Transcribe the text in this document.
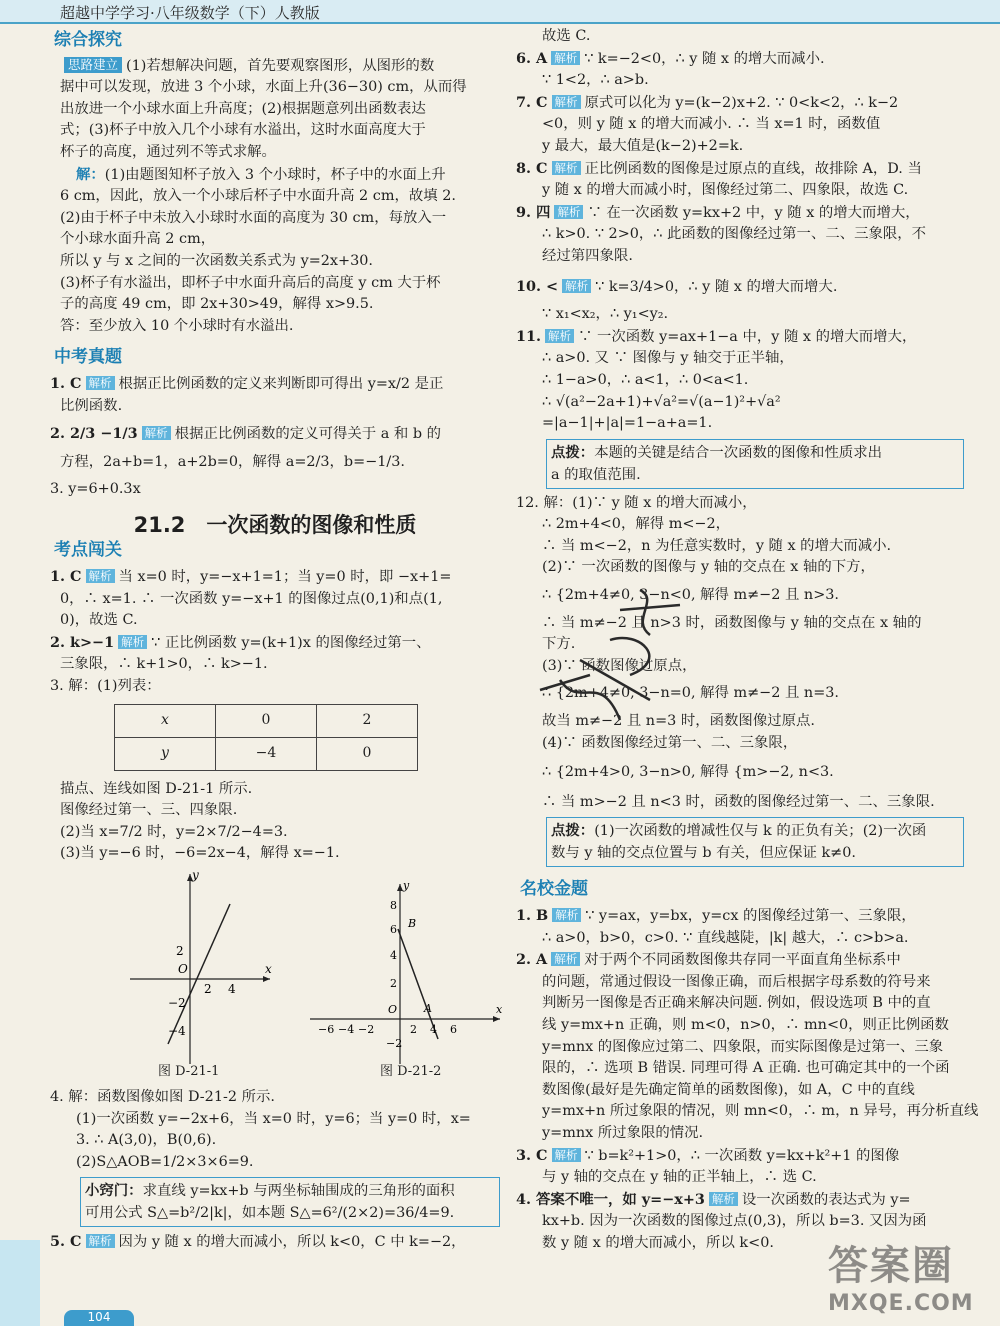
超越中学学习·八年级数学（下）人教版
综合探究
思路建立 (1)若想解决问题，首先要观察图形，从图形的数
据中可以发现，放进 3 个小球，水面上升(36−30) cm，从而得
出放进一个小球水面上升高度；(2)根据题意列出函数表达
式；(3)杯子中放入几个小球有水溢出，这时水面高度大于
杯子的高度，通过列不等式求解。
解：(1)由题图知杯子放入 3 个小球时，杯子中的水面上升
6 cm，因此，放入一个小球后杯子中水面升高 2 cm，故填 2.
(2)由于杯子中未放入小球时水面的高度为 30 cm，每放入一
个小球水面升高 2 cm，
所以 y 与 x 之间的一次函数关系式为 y=2x+30.
(3)杯子有水溢出，即杯子中水面升高后的高度 y cm 大于杯
子的高度 49 cm，即 2x+30>49，解得 x>9.5.
答：至少放入 10 个小球时有水溢出.
中考真题
1. C 解析 根据正比例函数的定义来判断即可得出 y=x/2 是正
比例函数.
2. 2/3 −1/3 解析 根据正比例函数的定义可得关于 a 和 b 的
方程，2a+b=1，a+2b=0，解得 a=2/3，b=−1/3.
3. y=6+0.3x
21.2　一次函数的图像和性质
考点闯关
1. C 解析 当 x=0 时，y=−x+1=1；当 y=0 时，即 −x+1=
0，∴ x=1. ∴ 一次函数 y=−x+1 的图像过点(0,1)和点(1,
0)，故选 C.
2. k>−1 解析 ∵ 正比例函数 y=(k+1)x 的图像经过第一、
三象限，∴ k+1>0，∴ k>−1.
3. 解：(1)列表：
x	0	2
y	−4	0
描点、连线如图 D-21-1 所示.
图像经过第一、三、四象限.
(2)当 x=7/2 时，y=2×7/2−4=3.
(3)当 y=−6 时，−6=2x−4，解得 x=−1.
y
x
O
2 4
−2
−4
2
y
x
O
B
A
−6 −4 −2	2 4 6
8
6
4
2
−2
图 D-21-1	图 D-21-2
4. 解：函数图像如图 D-21-2 所示.
(1)一次函数 y=−2x+6，当 x=0 时，y=6；当 y=0 时，x=
3. ∴ A(3,0)，B(0,6).
(2)S△AOB=1/2×3×6=9.
小窍门：求直线 y=kx+b 与两坐标轴围成的三角形的面积
可用公式 S△=b²/2|k|，如本题 S△=6²/(2×2)=36/4=9.
5. C 解析 因为 y 随 x 的增大而减小，所以 k<0，C 中 k=−2，
故选 C.
6. A 解析 ∵ k=−2<0，∴ y 随 x 的增大而减小.
∵ 1<2，∴ a>b.
7. C 解析 原式可以化为 y=(k−2)x+2. ∵ 0<k<2，∴ k−2
<0，则 y 随 x 的增大而减小. ∴ 当 x=1 时，函数值
y 最大，最大值是(k−2)+2=k.
8. C 解析 正比例函数的图像是过原点的直线，故排除 A，D. 当
y 随 x 的增大而减小时，图像经过第二、四象限，故选 C.
9. 四 解析 ∵ 在一次函数 y=kx+2 中，y 随 x 的增大而增大，
∴ k>0. ∵ 2>0，∴ 此函数的图像经过第一、二、三象限，不
经过第四象限.
10. < 解析 ∵ k=3/4>0，∴ y 随 x 的增大而增大.
∵ x₁<x₂，∴ y₁<y₂.
11. 解析 ∵ 一次函数 y=ax+1−a 中，y 随 x 的增大而增大，
∴ a>0. 又 ∵ 图像与 y 轴交于正半轴，
∴ 1−a>0，∴ a<1，∴ 0<a<1.
∴ √(a²−2a+1)+√a²=√(a−1)²+√a²
=|a−1|+|a|=1−a+a=1.
点拨：本题的关键是结合一次函数的图像和性质求出
a 的取值范围.
12. 解：(1)∵ y 随 x 的增大而减小，
∴ 2m+4<0，解得 m<−2，
∴ 当 m<−2，n 为任意实数时，y 随 x 的增大而减小.
(2)∵ 一次函数的图像与 y 轴的交点在 x 轴的下方，
∴ {2m+4≠0, 3−n<0, 解得 m≠−2 且 n>3.
∴ 当 m≠−2 且 n>3 时，函数图像与 y 轴的交点在 x 轴的
下方.
(3)∵ 函数图像过原点，
∴ {2m+4≠0, 3−n=0, 解得 m≠−2 且 n=3.
故当 m≠−2 且 n=3 时，函数图像过原点.
(4)∵ 函数图像经过第一、二、三象限，
∴ {2m+4>0, 3−n>0, 解得 {m>−2, n<3.
∴ 当 m>−2 且 n<3 时，函数的图像经过第一、二、三象限.
点拨：(1)一次函数的增减性仅与 k 的正负有关；(2)一次函
数与 y 轴的交点位置与 b 有关，但应保证 k≠0.
名校金题
1. B 解析 ∵ y=ax，y=bx，y=cx 的图像经过第一、三象限，
∴ a>0，b>0，c>0. ∵ 直线越陡，|k| 越大，∴ c>b>a.
2. A 解析 对于两个不同函数图像共存同一平面直角坐标系中
的问题，常通过假设一图像正确，而后根据字母系数的符号来
判断另一图像是否正确来解决问题. 例如，假设选项 B 中的直
线 y=mx+n 正确，则 m<0，n>0，∴ mn<0，则正比例函数
y=mnx 的图像应过第二、四象限，而实际图像是过第一、三象
限的，∴ 选项 B 错误. 同理可得 A 正确. 也可确定其中的一个函
数图像(最好是先确定简单的函数图像)，如 A，C 中的直线
y=mx+n 所过象限的情况，则 mn<0，∴ m，n 异号，再分析直线
y=mnx 所过象限的情况.
3. C 解析 ∵ b=k²+1>0，∴ 一次函数 y=kx+k²+1 的图像
与 y 轴的交点在 y 轴的正半轴上，∴ 选 C.
4. 答案不唯一，如 y=−x+3 解析 设一次函数的表达式为 y=
kx+b. 因为一次函数的图像过点(0,3)，所以 b=3. 又因为函
数 y 随 x 的增大而减小，所以 k<0.
104
答案圈
MXQE.COM
